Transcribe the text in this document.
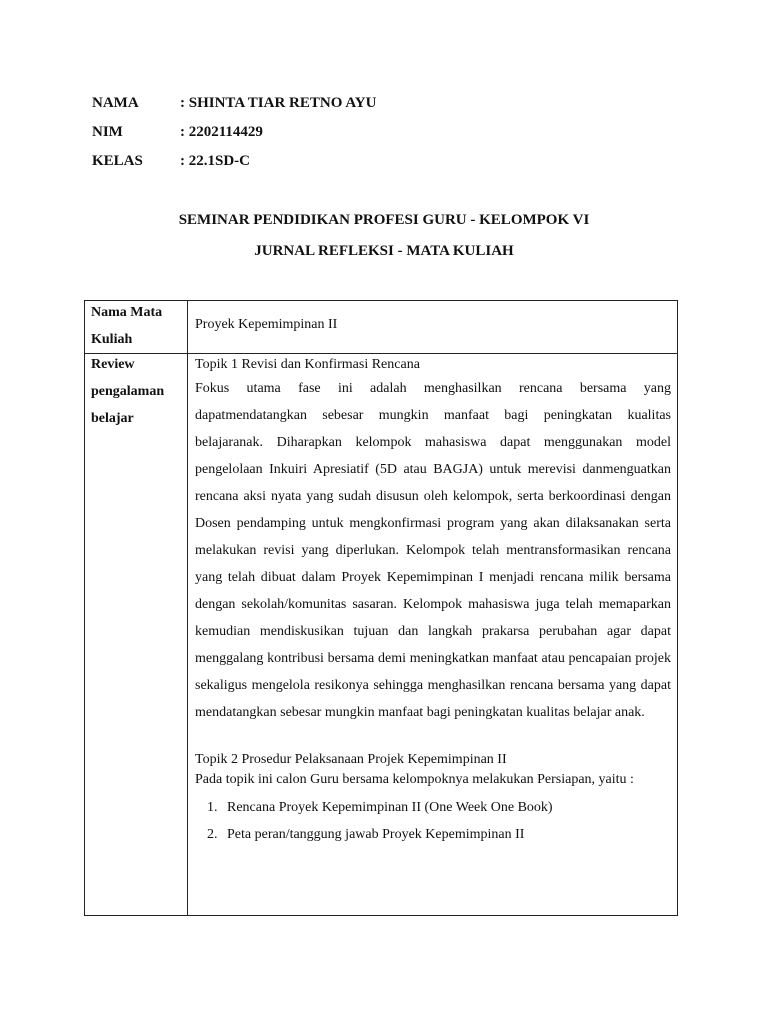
NAMA	: SHINTA TIAR RETNO AYU
NIM	: 2202114429
KELAS : 22.1SD-C
SEMINAR PENDIDIKAN PROFESI GURU - KELOMPOK VI
JURNAL REFLEKSI - MATA KULIAH
Nama Mata Kuliah
Proyek Kepemimpinan II
Review pengalaman belajar

Topik 1 Revisi dan Konfirmasi Rencana

Fokus utama fase ini adalah menghasilkan rencana bersama yang dapatmendatangkan sebesar mungkin manfaat bagi peningkatan kualitas belajaranak. Diharapkan kelompok mahasiswa dapat menggunakan model pengelolaan Inkuiri Apresiatif (5D atau BAGJA) untuk merevisi danmenguatkan rencana aksi nyata yang sudah disusun oleh kelompok, serta berkoordinasi dengan Dosen pendamping untuk mengkonfirmasi program yang akan dilaksanakan serta melakukan revisi yang diperlukan. Kelompok telah mentransformasikan rencana yang telah dibuat dalam Proyek Kepemimpinan I menjadi rencana milik bersama dengan sekolah/komunitas sasaran. Kelompok mahasiswa juga telah memaparkan kemudian mendiskusikan tujuan dan langkah prakarsa perubahan agar dapat menggalang kontribusi bersama demi meningkatkan manfaat atau pencapaian projek sekaligus mengelola resikonya sehingga menghasilkan rencana bersama yang dapat mendatangkan sebesar mungkin manfaat bagi peningkatan kualitas belajar anak.

Topik 2 Prosedur Pelaksanaan Projek Kepemimpinan II

Pada topik ini calon Guru bersama kelompoknya melakukan Persiapan, yaitu :

1. Rencana Proyek Kepemimpinan II (One Week One Book)
2. Peta peran/tanggung jawab Proyek Kepemimpinan II
